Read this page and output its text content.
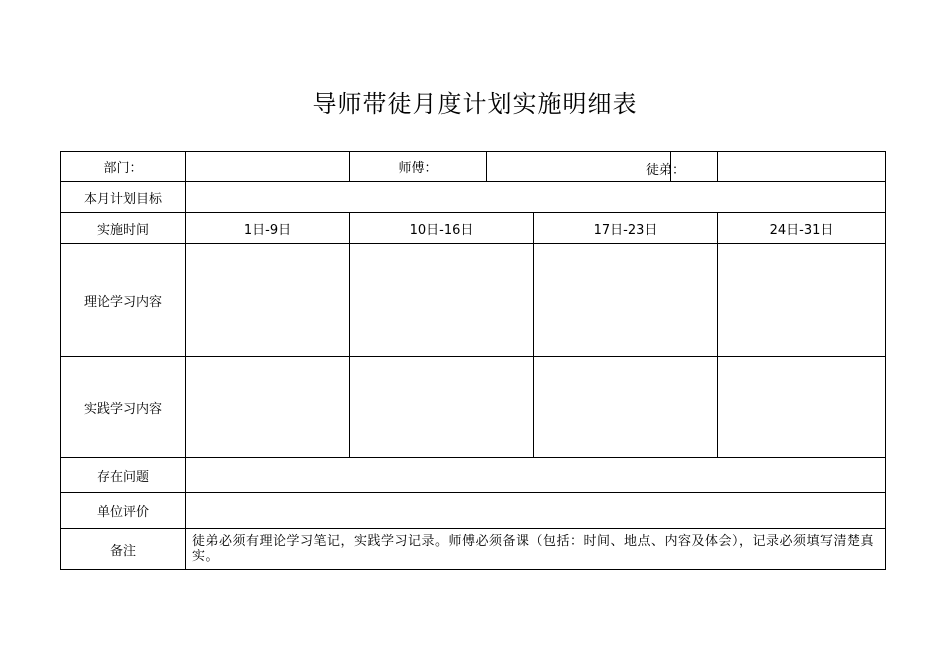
导师带徒月度计划实施明细表
部门：		师傅：				徒弟：

本月计划目标						
实施时间	1日-9日	10日-16日		17日-23日		24日-31日
理论学习内容						
实践学习内容						
存在问题						
单位评价						
备注	徒弟必须有理论学习笔记，实践学习记录。师傅必须备课（包括：时间、地点、内容及体会），记录必须填写清楚真实。					
